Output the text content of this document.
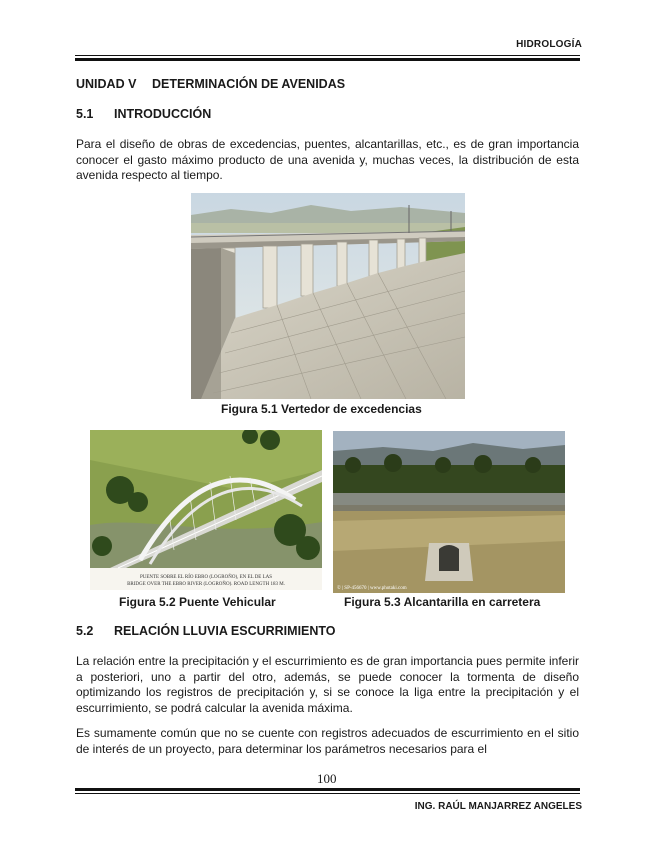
HIDROLOGÍA
UNIDAD V DETERMINACIÓN DE AVENIDAS
5.1 INTRODUCCIÓN
Para el diseño de obras de excedencias, puentes, alcantarillas, etc., es de gran importancia conocer el gasto máximo producto de una avenida y, muchas veces, la distribución de esta avenida respecto al tiempo.
Figura 5.1 Vertedor de excedencias
PUENTE SOBRE EL RÍO EBRO (LOGROÑO), EN EL DE LAS
BRIDGE OVER THE EBRO RIVER (LOGROÑO). ROAD LENGTH 183 M.
Figura 5.2 Puente Vehicular
© | SP-456670 | www.photaki.com
Figura 5.3 Alcantarilla en carretera
5.2 RELACIÓN LLUVIA ESCURRIMIENTO
La relación entre la precipitación y el escurrimiento es de gran importancia pues permite inferir a posteriori, uno a partir del otro, además, se puede conocer la tormenta de diseño optimizando los registros de precipitación y, si se conoce la liga entre la precipitación y el escurrimiento, se podrá calcular la avenida máxima.
Es sumamente común que no se cuente con registros adecuados de escurrimiento en el sitio de interés de un proyecto, para determinar los parámetros necesarios para el
100
ING. RAÚL MANJARREZ ANGELES
